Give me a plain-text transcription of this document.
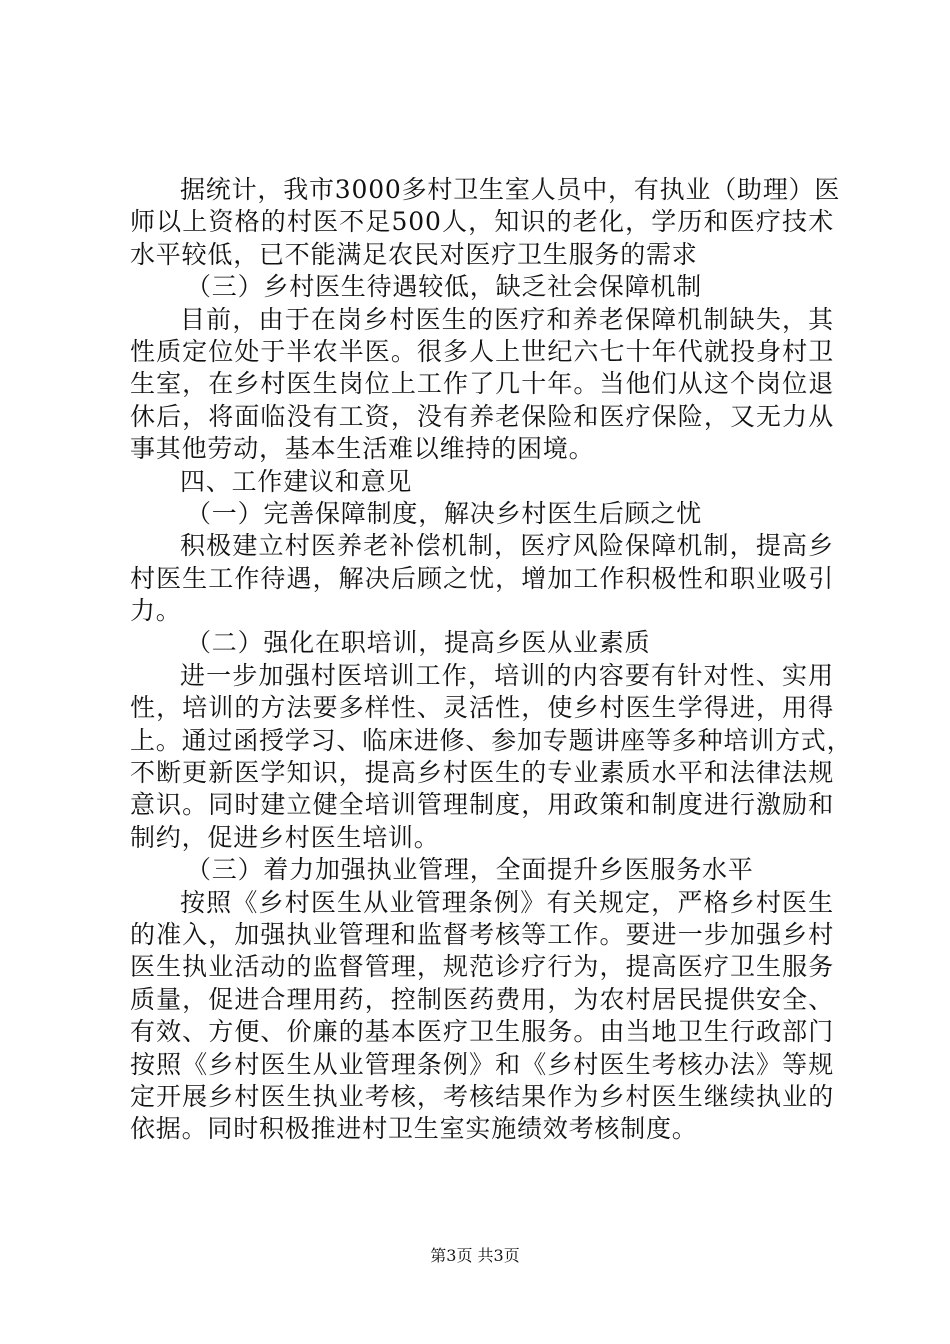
据统计，我市3000多村卫生室人员中，有执业（助理）医
师以上资格的村医不足500人，知识的老化，学历和医疗技术
水平较低，已不能满足农民对医疗卫生服务的需求
（三）乡村医生待遇较低，缺乏社会保障机制
目前，由于在岗乡村医生的医疗和养老保障机制缺失，其
性质定位处于半农半医。很多人上世纪六七十年代就投身村卫
生室，在乡村医生岗位上工作了几十年。当他们从这个岗位退
休后，将面临没有工资，没有养老保险和医疗保险，又无力从
事其他劳动，基本生活难以维持的困境。
四、工作建议和意见
（一）完善保障制度，解决乡村医生后顾之忧
积极建立村医养老补偿机制，医疗风险保障机制，提高乡
村医生工作待遇，解决后顾之忧，增加工作积极性和职业吸引
力。
（二）强化在职培训，提高乡医从业素质
进一步加强村医培训工作，培训的内容要有针对性、实用
性，培训的方法要多样性、灵活性，使乡村医生学得进，用得
上。通过函授学习、临床进修、参加专题讲座等多种培训方式，
不断更新医学知识，提高乡村医生的专业素质水平和法律法规
意识。同时建立健全培训管理制度，用政策和制度进行激励和
制约，促进乡村医生培训。
（三）着力加强执业管理，全面提升乡医服务水平
按照《乡村医生从业管理条例》有关规定，严格乡村医生
的准入，加强执业管理和监督考核等工作。要进一步加强乡村
医生执业活动的监督管理，规范诊疗行为，提高医疗卫生服务
质量，促进合理用药，控制医药费用，为农村居民提供安全、
有效、方便、价廉的基本医疗卫生服务。由当地卫生行政部门
按照《乡村医生从业管理条例》和《乡村医生考核办法》等规
定开展乡村医生执业考核，考核结果作为乡村医生继续执业的
依据。同时积极推进村卫生室实施绩效考核制度。
第3页 共3页
